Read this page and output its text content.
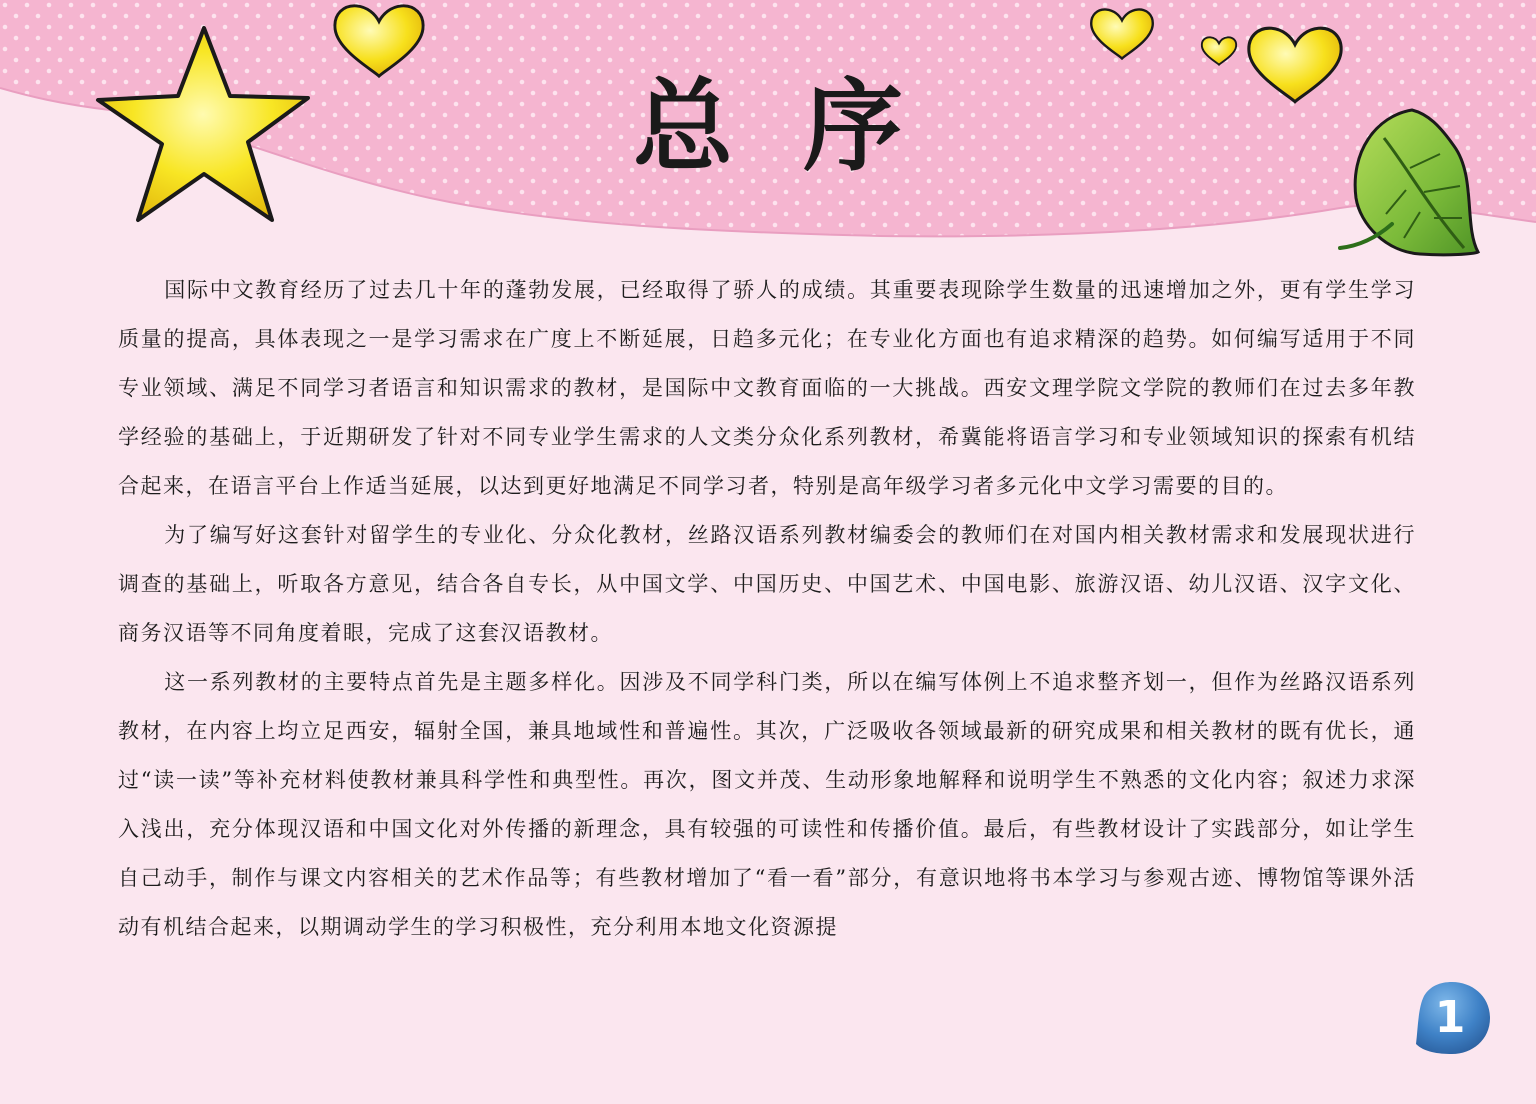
总序

国际中文教育经历了过去几十年的蓬勃发展，已经取得了骄人的成绩。其重要表现除学生数量的迅速增加之外，更有学生学习质量的提高，具体表现之一是学习需求在广度上不断延展，日趋多元化；在专业化方面也有追求精深的趋势。如何编写适用于不同专业领域、满足不同学习者语言和知识需求的教材，是国际中文教育面临的一大挑战。西安文理学院文学院的教师们在过去多年教学经验的基础上，于近期研发了针对不同专业学生需求的人文类分众化系列教材，希冀能将语言学习和专业领域知识的探索有机结合起来，在语言平台上作适当延展，以达到更好地满足不同学习者，特别是高年级学习者多元化中文学习需要的目的。

为了编写好这套针对留学生的专业化、分众化教材，丝路汉语系列教材编委会的教师们在对国内相关教材需求和发展现状进行调查的基础上，听取各方意见，结合各自专长，从中国文学、中国历史、中国艺术、中国电影、旅游汉语、幼儿汉语、汉字文化、商务汉语等不同角度着眼，完成了这套汉语教材。

这一系列教材的主要特点首先是主题多样化。因涉及不同学科门类，所以在编写体例上不追求整齐划一，但作为丝路汉语系列教材，在内容上均立足西安，辐射全国，兼具地域性和普遍性。其次，广泛吸收各领域最新的研究成果和相关教材的既有优长，通过“读一读”等补充材料使教材兼具科学性和典型性。再次，图文并茂、生动形象地解释和说明学生不熟悉的文化内容；叙述力求深入浅出，充分体现汉语和中国文化对外传播的新理念，具有较强的可读性和传播价值。最后，有些教材设计了实践部分，如让学生自己动手，制作与课文内容相关的艺术作品等；有些教材增加了“看一看”部分，有意识地将书本学习与参观古迹、博物馆等课外活动有机结合起来，以期调动学生的学习积极性，充分利用本地文化资源提

1
